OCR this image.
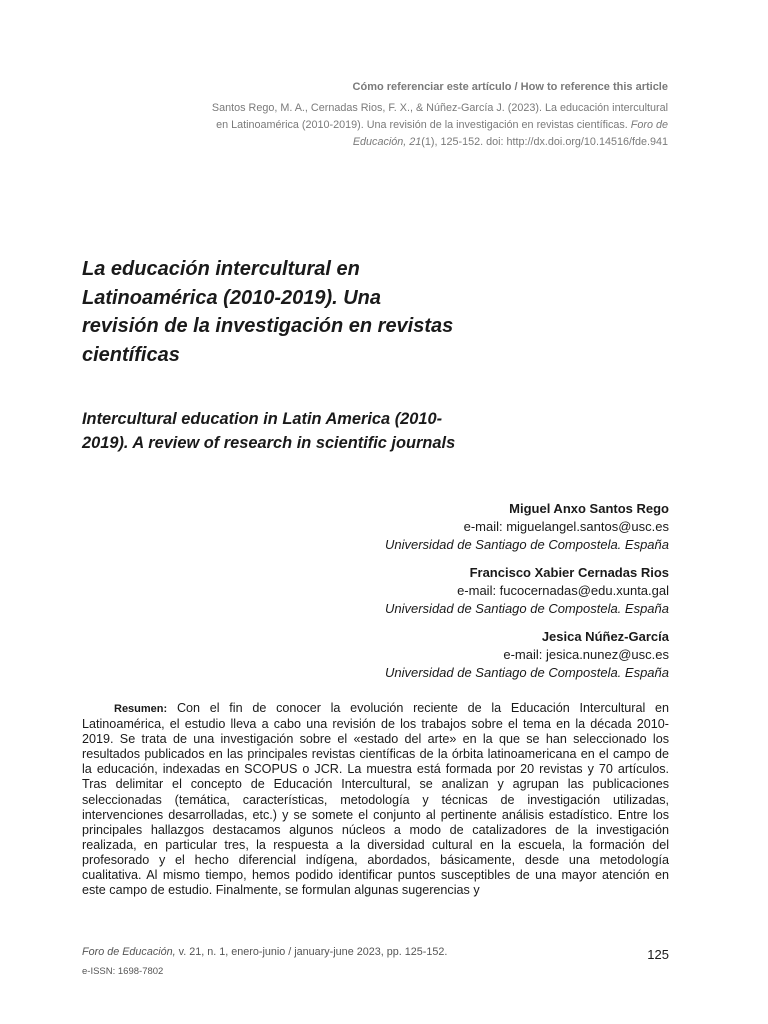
Cómo referenciar este artículo / How to reference this article
Santos Rego, M. A., Cernadas Rios, F. X., & Núñez-García J. (2023). La educación intercultural
en Latinoamérica (2010-2019). Una revisión de la investigación en revistas científicas. Foro de
Educación, 21(1), 125-152. doi: http://dx.doi.org/10.14516/fde.941
La educación intercultural en
Latinoamérica (2010-2019). Una
revisión de la investigación en revistas
científicas
Intercultural education in Latin America (2010-
2019). A review of research in scientific journals
Miguel Anxo Santos Rego
e-mail: miguelangel.santos@usc.es
Universidad de Santiago de Compostela. España
Francisco Xabier Cernadas Rios
e-mail: fucocernadas@edu.xunta.gal
Universidad de Santiago de Compostela. España
Jesica Núñez-García
e-mail: jesica.nunez@usc.es
Universidad de Santiago de Compostela. España
Resumen: Con el fin de conocer la evolución reciente de la Educación Intercultural en Latinoamérica, el estudio lleva a cabo una revisión de los trabajos sobre el tema en la década 2010-2019. Se trata de una investigación sobre el «estado del arte» en la que se han seleccionado los resultados publicados en las principales revistas científicas de la órbita latinoamericana en el campo de la educación, indexadas en SCOPUS o JCR. La muestra está formada por 20 revistas y 70 artículos. Tras delimitar el concepto de Educación Intercultural, se analizan y agrupan las publicaciones seleccionadas (temática, características, metodología y técnicas de investigación utilizadas, intervenciones desarrolladas, etc.) y se somete el conjunto al pertinente análisis estadístico. Entre los principales hallazgos destacamos algunos núcleos a modo de catalizadores de la investigación realizada, en particular tres, la respuesta a la diversidad cultural en la escuela, la formación del profesorado y el hecho diferencial indígena, abordados, básicamente, desde una metodología cualitativa. Al mismo tiempo, hemos podido identificar puntos susceptibles de una mayor atención en este campo de estudio. Finalmente, se formulan algunas sugerencias y
Foro de Educación, v. 21, n. 1, enero-junio / january-june 2023, pp. 125-152.
e-ISSN: 1698-7802
125
